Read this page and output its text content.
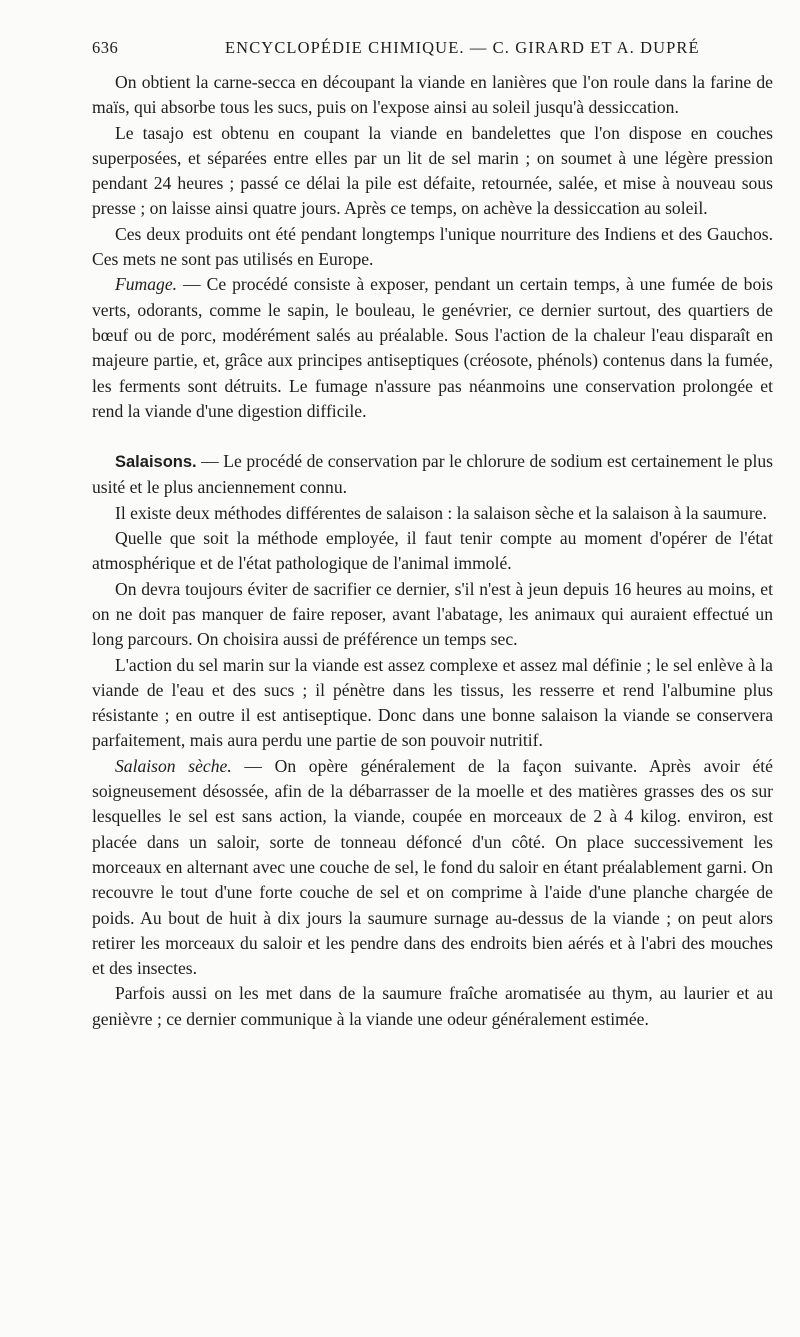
636	ENCYCLOPÉDIE CHIMIQUE. — C. GIRARD ET A. DUPRÉ

On obtient la carne-secca en découpant la viande en lanières que l'on roule dans la farine de maïs, qui absorbe tous les sucs, puis on l'expose ainsi au soleil jusqu'à dessiccation.

Le tasajo est obtenu en coupant la viande en bandelettes que l'on dispose en couches superposées, et séparées entre elles par un lit de sel marin ; on soumet à une légère pression pendant 24 heures ; passé ce délai la pile est défaite, retournée, salée, et mise à nouveau sous presse ; on laisse ainsi quatre jours. Après ce temps, on achève la dessiccation au soleil.

Ces deux produits ont été pendant longtemps l'unique nourriture des Indiens et des Gauchos. Ces mets ne sont pas utilisés en Europe.

Fumage. — Ce procédé consiste à exposer, pendant un certain temps, à une fumée de bois verts, odorants, comme le sapin, le bouleau, le genévrier, ce dernier surtout, des quartiers de bœuf ou de porc, modérément salés au préalable. Sous l'action de la chaleur l'eau disparaît en majeure partie, et, grâce aux principes antiseptiques (créosote, phénols) contenus dans la fumée, les ferments sont détruits. Le fumage n'assure pas néanmoins une conservation prolongée et rend la viande d'une digestion difficile.

Salaisons. — Le procédé de conservation par le chlorure de sodium est certainement le plus usité et le plus anciennement connu.

Il existe deux méthodes différentes de salaison : la salaison sèche et la salaison à la saumure.

Quelle que soit la méthode employée, il faut tenir compte au moment d'opérer de l'état atmosphérique et de l'état pathologique de l'animal immolé.

On devra toujours éviter de sacrifier ce dernier, s'il n'est à jeun depuis 16 heures au moins, et on ne doit pas manquer de faire reposer, avant l'abatage, les animaux qui auraient effectué un long parcours. On choisira aussi de préférence un temps sec.

L'action du sel marin sur la viande est assez complexe et assez mal définie ; le sel enlève à la viande de l'eau et des sucs ; il pénètre dans les tissus, les resserre et rend l'albumine plus résistante ; en outre il est antiseptique. Donc dans une bonne salaison la viande se conservera parfaitement, mais aura perdu une partie de son pouvoir nutritif.

Salaison sèche. — On opère généralement de la façon suivante. Après avoir été soigneusement désossée, afin de la débarrasser de la moelle et des matières grasses des os sur lesquelles le sel est sans action, la viande, coupée en morceaux de 2 à 4 kilog. environ, est placée dans un saloir, sorte de tonneau défoncé d'un côté. On place successivement les morceaux en alternant avec une couche de sel, le fond du saloir en étant préalablement garni. On recouvre le tout d'une forte couche de sel et on comprime à l'aide d'une planche chargée de poids. Au bout de huit à dix jours la saumure surnage au-dessus de la viande ; on peut alors retirer les morceaux du saloir et les pendre dans des endroits bien aérés et à l'abri des mouches et des insectes.

Parfois aussi on les met dans de la saumure fraîche aromatisée au thym, au laurier et au genièvre ; ce dernier communique à la viande une odeur généralement estimée.
